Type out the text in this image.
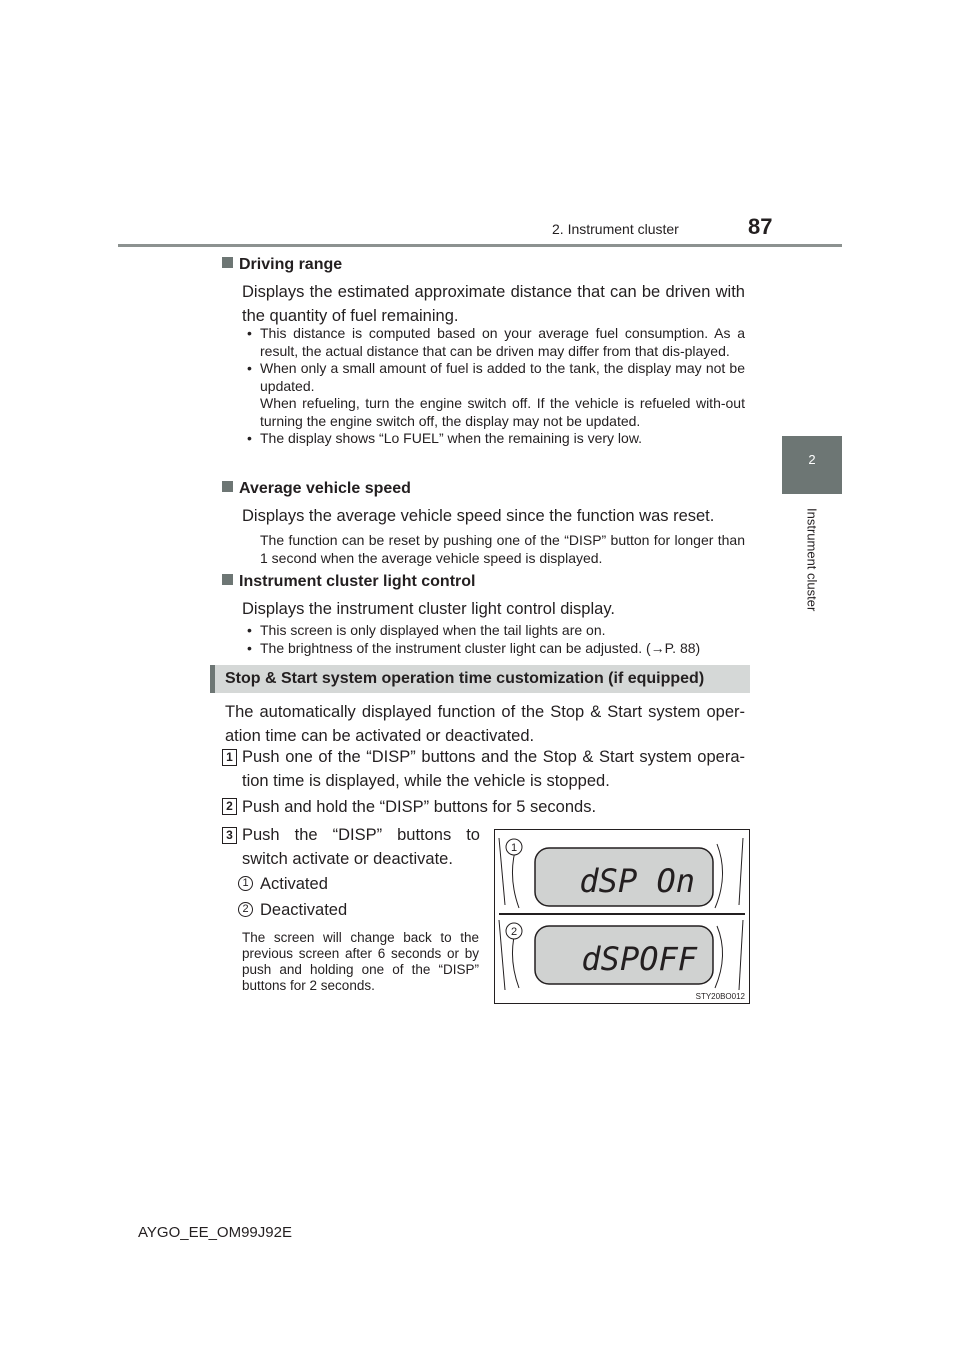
2. Instrument cluster	87
2
Instrument cluster
Driving range
Displays the estimated approximate distance that can be driven with the quantity of fuel remaining.
• This distance is computed based on your average fuel consumption. As a result, the actual distance that can be driven may differ from that dis-played.
• When only a small amount of fuel is added to the tank, the display may not be updated.
When refueling, turn the engine switch off. If the vehicle is refueled with-out turning the engine switch off, the display may not be updated.
• The display shows “Lo FUEL” when the remaining is very low.
Average vehicle speed
Displays the average vehicle speed since the function was reset.
The function can be reset by pushing one of the “DISP” button for longer than 1 second when the average vehicle speed is displayed.
Instrument cluster light control
Displays the instrument cluster light control display.
• This screen is only displayed when the tail lights are on.
• The brightness of the instrument cluster light can be adjusted. (→P. 88)
Stop & Start system operation time customization (if equipped)
The automatically displayed function of the Stop & Start system oper-ation time can be activated or deactivated.
1 Push one of the “DISP” buttons and the Stop & Start system opera-tion time is displayed, while the vehicle is stopped.
2 Push and hold the “DISP” buttons for 5 seconds.
3 Push the “DISP” buttons to switch activate or deactivate.
1 Activated
2 Deactivated
The screen will change back to the previous screen after 6 seconds or by push and holding one of the “DISP” buttons for 2 seconds.
dSP On
dSPOFF
1
2
STY20BO012
AYGO_EE_OM99J92E
